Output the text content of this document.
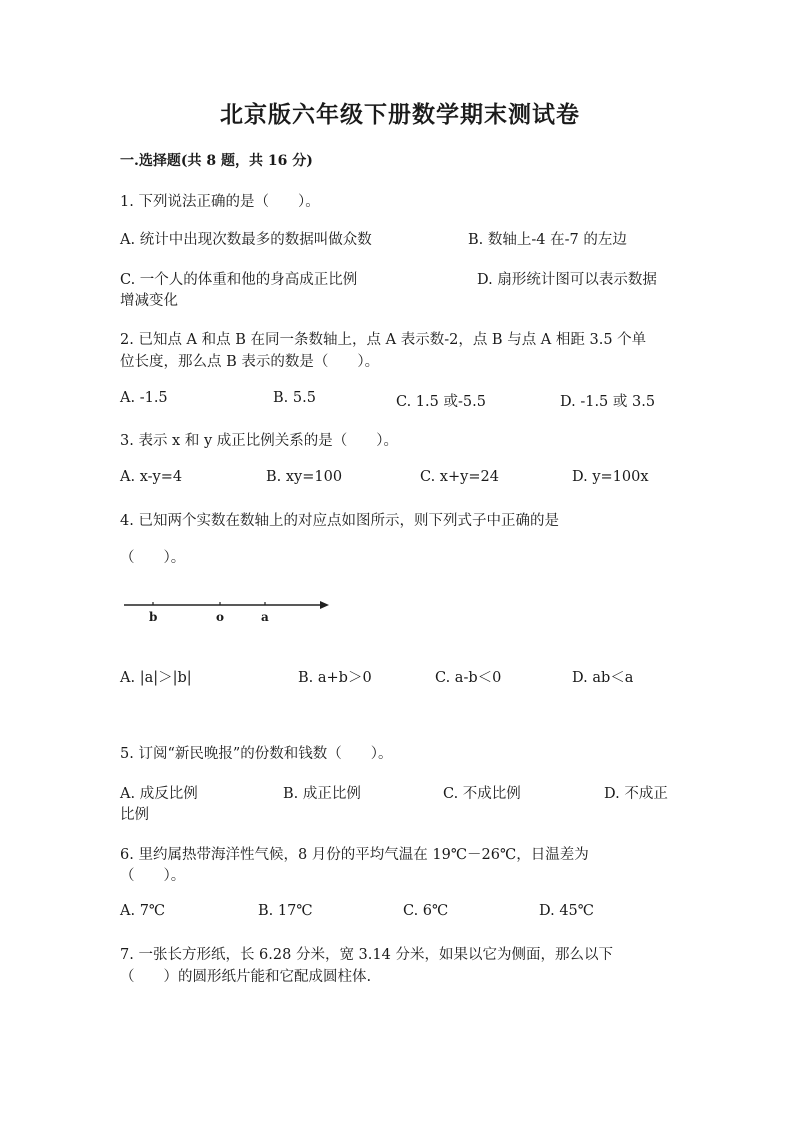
北京版六年级下册数学期末测试卷
一.选择题(共 8 题，共 16 分)
1. 下列说法正确的是（　　）。
A. 统计中出现次数最多的数据叫做众数	B. 数轴上-4 在-7 的左边
C. 一个人的体重和他的身高成正比例	D. 扇形统计图可以表示数据
增减变化
2. 已知点 A 和点 B 在同一条数轴上，点 A 表示数-2，点 B 与点 A 相距 3.5 个单
位长度，那么点 B 表示的数是（　　）。
A. -1.5	B. 5.5	C. 1.5 或-5.5	D. -1.5 或 3.5
3. 表示 x 和 y 成正比例关系的是（　　）。
A. x-y=4	B. xy=100	C. x+y=24	D. y=100x
4. 已知两个实数在数轴上的对应点如图所示，则下列式子中正确的是
（　　）。
b	o	a
A. |a|＞|b|	B. a+b＞0	C. a-b＜0	D. ab＜a
5. 订阅“新民晚报”的份数和钱数（　　）。
A. 成反比例	B. 成正比例	C. 不成比例	D. 不成正
比例
6. 里约属热带海洋性气候，8 月份的平均气温在 19℃－26℃，日温差为
（　　）。
A. 7℃	B. 17℃	C. 6℃	D. 45℃
7. 一张长方形纸，长 6.28 分米，宽 3.14 分米，如果以它为侧面，那么以下
（　　）的圆形纸片能和它配成圆柱体.
